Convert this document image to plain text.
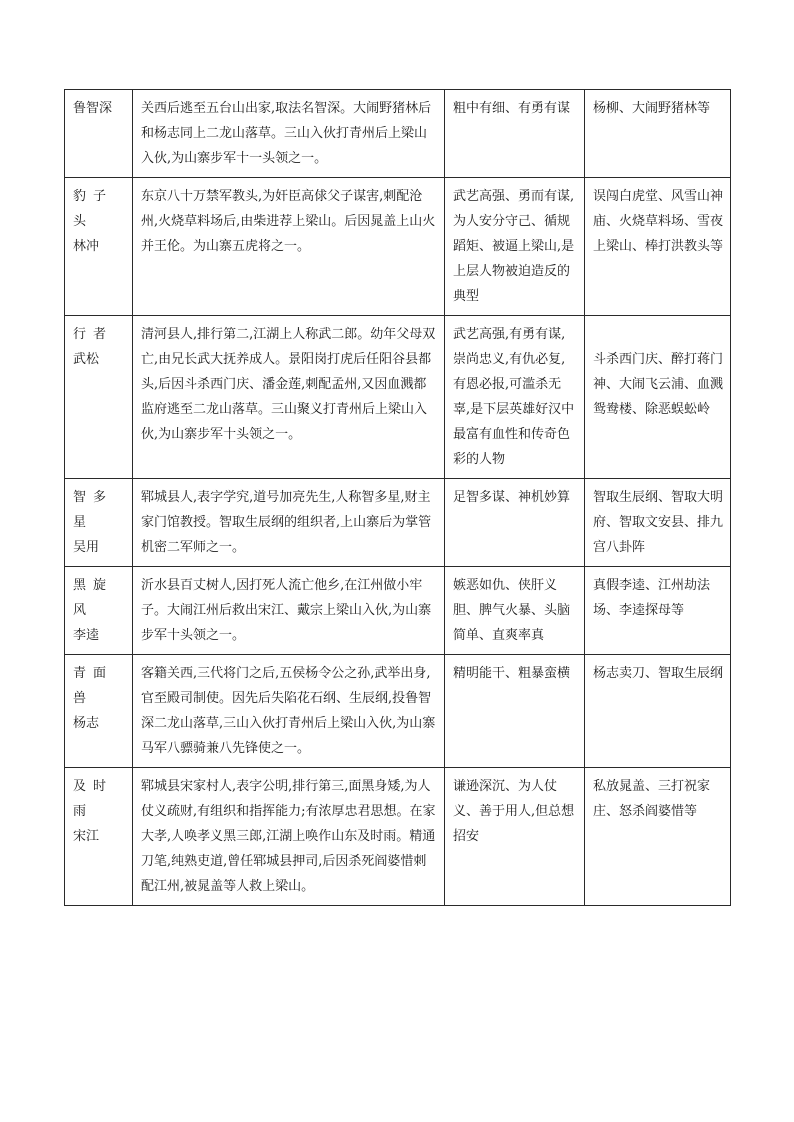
鲁智深	关西后逃至五台山出家,取法名智深。大闹野猪林后和杨志同上二龙山落草。三山入伙打青州后上梁山入伙,为山寨步军十一头领之一。	粗中有细、有勇有谋	杨柳、大闹野猪林等

豹子头
林冲	东京八十万禁军教头,为奸臣高俅父子谋害,刺配沧州,火烧草料场后,由柴进荐上梁山。后因晁盖上山火并王伦。为山寨五虎将之一。	武艺高强、勇而有谋,为人安分守己、循规蹈矩、被逼上梁山,是上层人物被迫造反的典型	误闯白虎堂、风雪山神庙、火烧草料场、雪夜上梁山、棒打洪教头等

行者
武松	清河县人,排行第二,江湖上人称武二郎。幼年父母双亡,由兄长武大抚养成人。景阳岗打虎后任阳谷县都头,后因斗杀西门庆、潘金莲,刺配孟州,又因血溅都监府逃至二龙山落草。三山聚义打青州后上梁山入伙,为山寨步军十头领之一。	武艺高强,有勇有谋,崇尚忠义,有仇必复,有恩必报,可滥杀无辜,是下层英雄好汉中最富有血性和传奇色彩的人物	斗杀西门庆、醉打蒋门神、大闹飞云浦、血溅鸳鸯楼、除恶蜈蚣岭

智多星
吴用	郓城县人,表字学究,道号加亮先生,人称智多星,财主家门馆教授。智取生辰纲的组织者,上山寨后为掌管机密二军师之一。	足智多谋、神机妙算	智取生辰纲、智取大明府、智取文安县、排九宫八卦阵

黑旋风
李逵	沂水县百丈树人,因打死人流亡他乡,在江州做小牢子。大闹江州后救出宋江、戴宗上梁山入伙,为山寨步军十头领之一。	嫉恶如仇、侠肝义胆、脾气火暴、头脑简单、直爽率真	真假李逵、江州劫法场、李逵探母等

青面兽
杨志	客籍关西,三代将门之后,五侯杨令公之孙,武举出身,官至殿司制使。因先后失陷花石纲、生辰纲,投鲁智深二龙山落草,三山入伙打青州后上梁山入伙,为山寨马军八骠骑兼八先锋使之一。	精明能干、粗暴蛮横	杨志卖刀、智取生辰纲

及时雨
宋江	郓城县宋家村人,表字公明,排行第三,面黑身矮,为人仗义疏财,有组织和指挥能力;有浓厚忠君思想。在家大孝,人唤孝义黑三郎,江湖上唤作山东及时雨。精通刀笔,纯熟吏道,曾任郓城县押司,后因杀死阎婆惜刺配江州,被晁盖等人救上梁山。	谦逊深沉、为人仗义、善于用人,但总想招安	私放晁盖、三打祝家庄、怒杀阎婆惜等
